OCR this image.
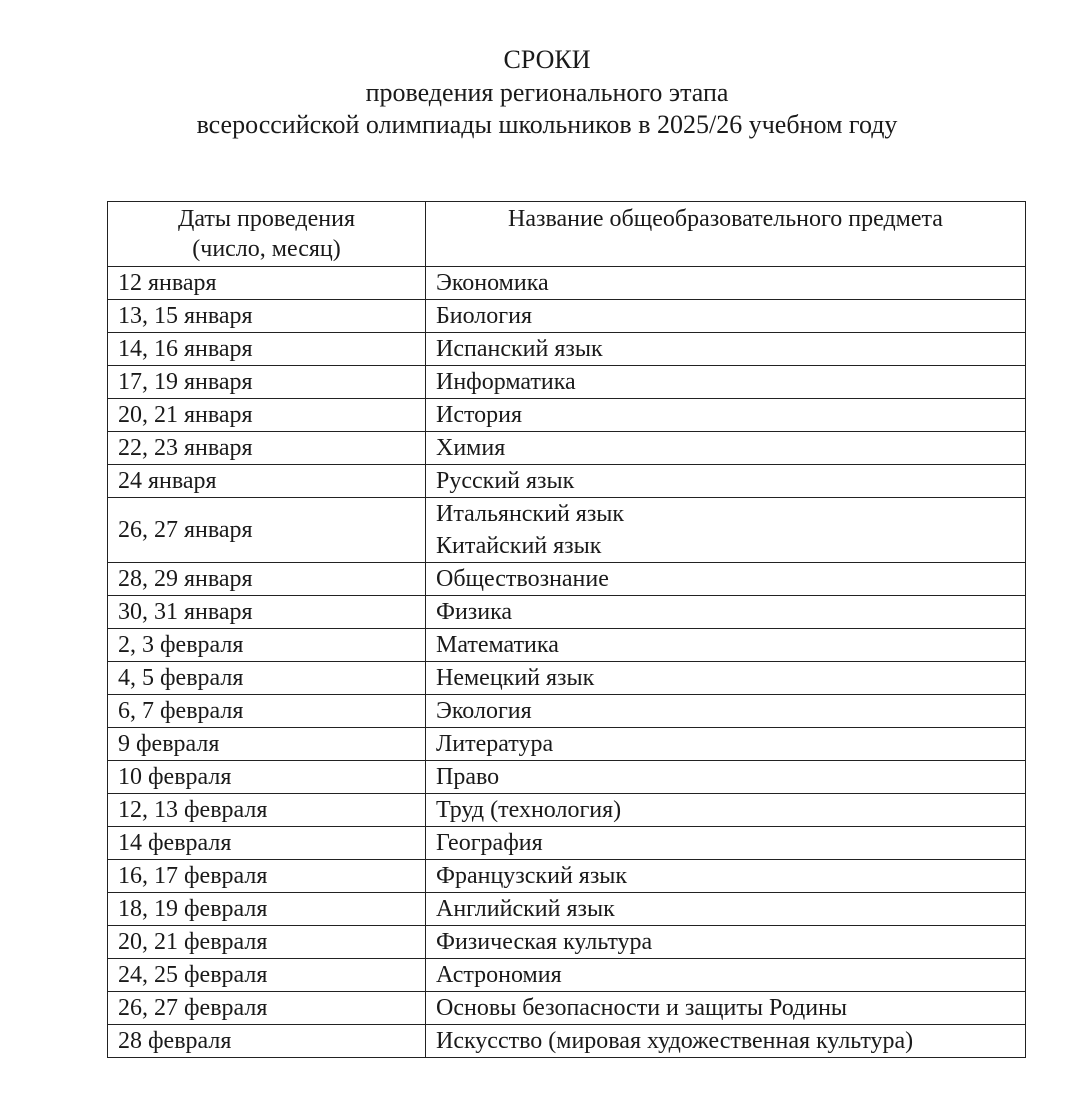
СРОКИ
проведения регионального этапа
всероссийской олимпиады школьников в 2025/26 учебном году
Даты проведения
(число, месяц)	Название общеобразовательного предмета
12 января	Экономика
13, 15 января	Биология
14, 16 января	Испанский язык
17, 19 января	Информатика
20, 21 января	История
22, 23 января	Химия
24 января	Русский язык
26, 27 января	Итальянский язык
Китайский язык

28, 29 января	Обществознание
30, 31 января	Физика
2, 3 февраля	Математика
4, 5 февраля	Немецкий язык
6, 7 февраля	Экология
9 февраля	Литература
10 февраля	Право
12, 13 февраля	Труд (технология)
14 февраля	География
16, 17 февраля	Французский язык
18, 19 февраля	Английский язык
20, 21 февраля	Физическая культура
24, 25 февраля	Астрономия
26, 27 февраля	Основы безопасности и защиты Родины
28 февраля	Искусство (мировая художественная культура)
